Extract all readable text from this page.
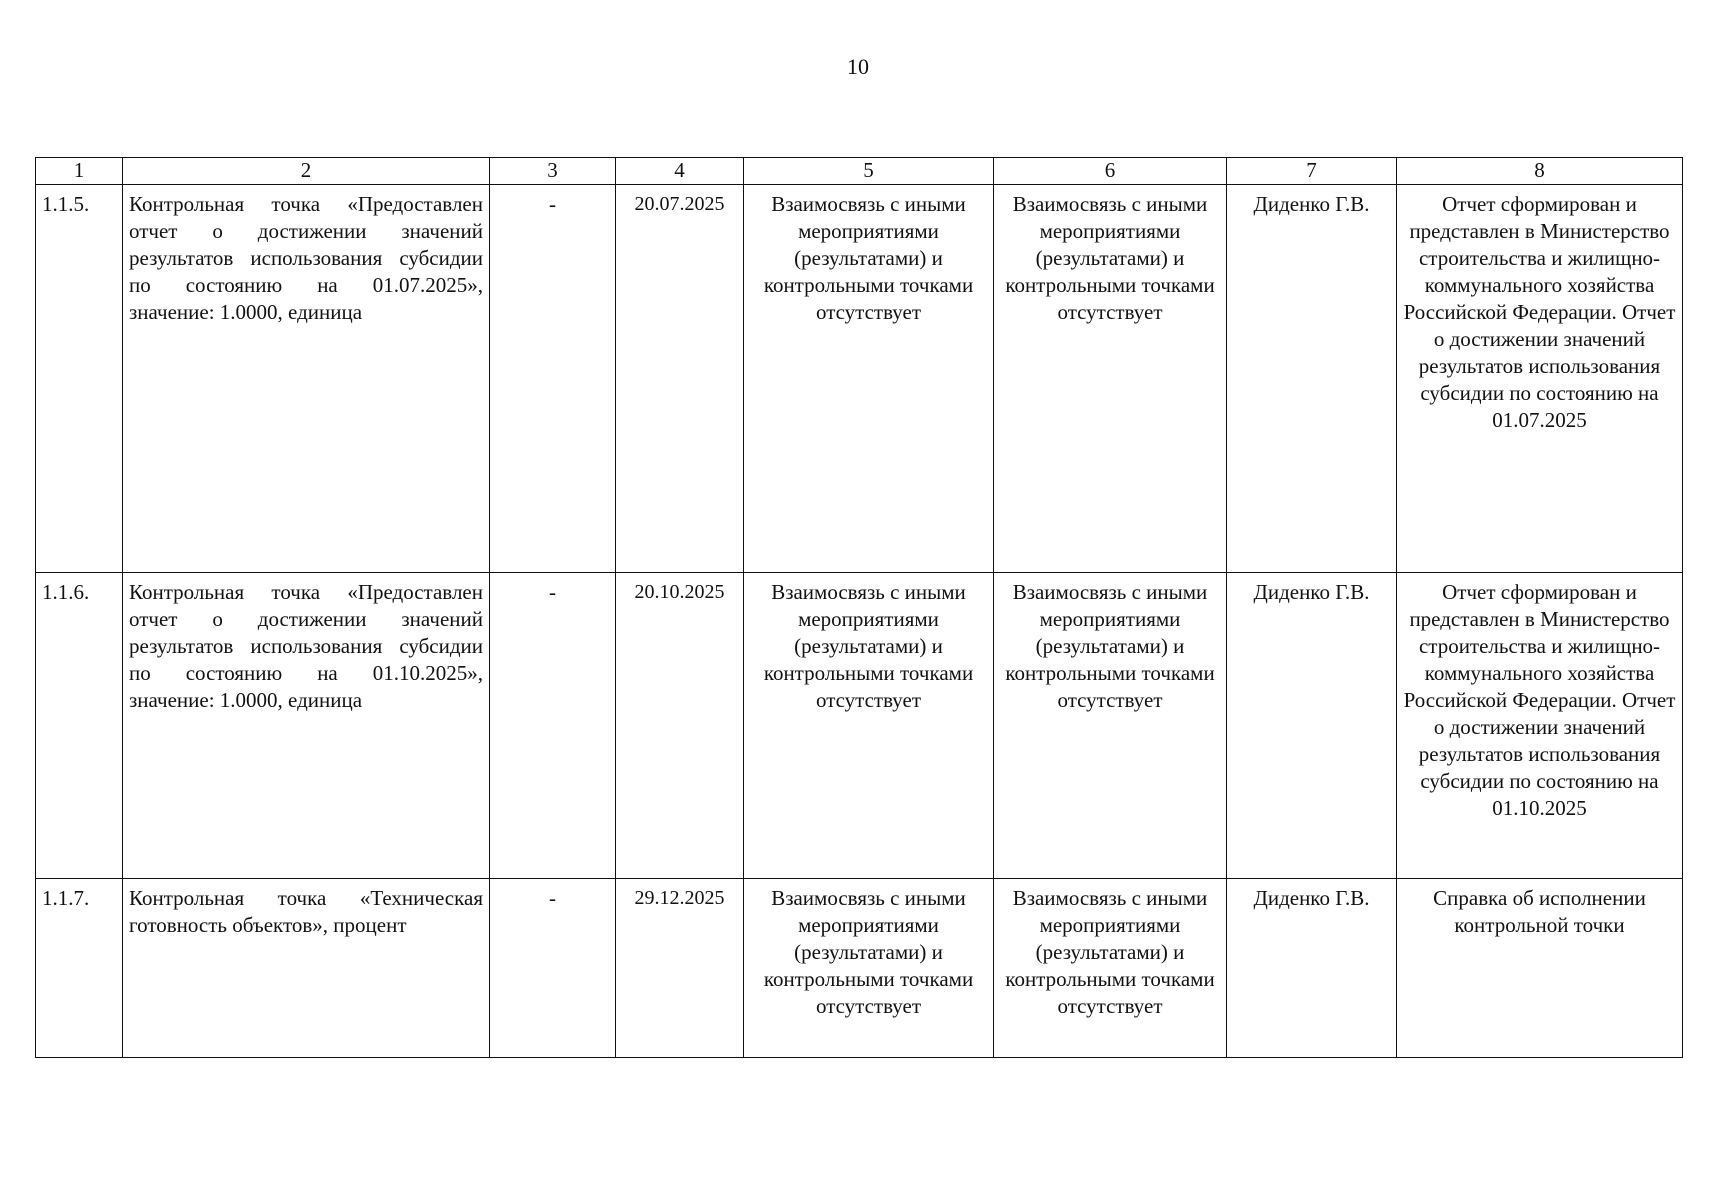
10
1	2	3	4	5	6	7	8
1.1.5.	Контрольная точка «Предоставлен отчет о достижении значений результатов использования субсидии по состоянию на 01.07.2025», значение: 1.0000, единица	-	20.07.2025	Взаимосвязь с иными мероприятиями (результатами) и контрольными точками отсутствует	Взаимосвязь с иными мероприятиями (результатами) и контрольными точками отсутствует	Диденко Г.В.	Отчет сформирован и представлен в Министерство строительства и жилищно-коммунального хозяйства Российской Федерации. Отчет о достижении значений результатов использования субсидии по состоянию на 01.07.2025
1.1.6.	Контрольная точка «Предоставлен отчет о достижении значений результатов использования субсидии по состоянию на 01.10.2025», значение: 1.0000, единица	-	20.10.2025	Взаимосвязь с иными мероприятиями (результатами) и контрольными точками отсутствует	Взаимосвязь с иными мероприятиями (результатами) и контрольными точками отсутствует	Диденко Г.В.	Отчет сформирован и представлен в Министерство строительства и жилищно-коммунального хозяйства Российской Федерации. Отчет о достижении значений результатов использования субсидии по состоянию на 01.10.2025
1.1.7.	Контрольная точка «Техническая готовность объектов», процент	-	29.12.2025	Взаимосвязь с иными мероприятиями (результатами) и контрольными точками отсутствует	Взаимосвязь с иными мероприятиями (результатами) и контрольными точками отсутствует	Диденко Г.В.	Справка об исполнении контрольной точки
